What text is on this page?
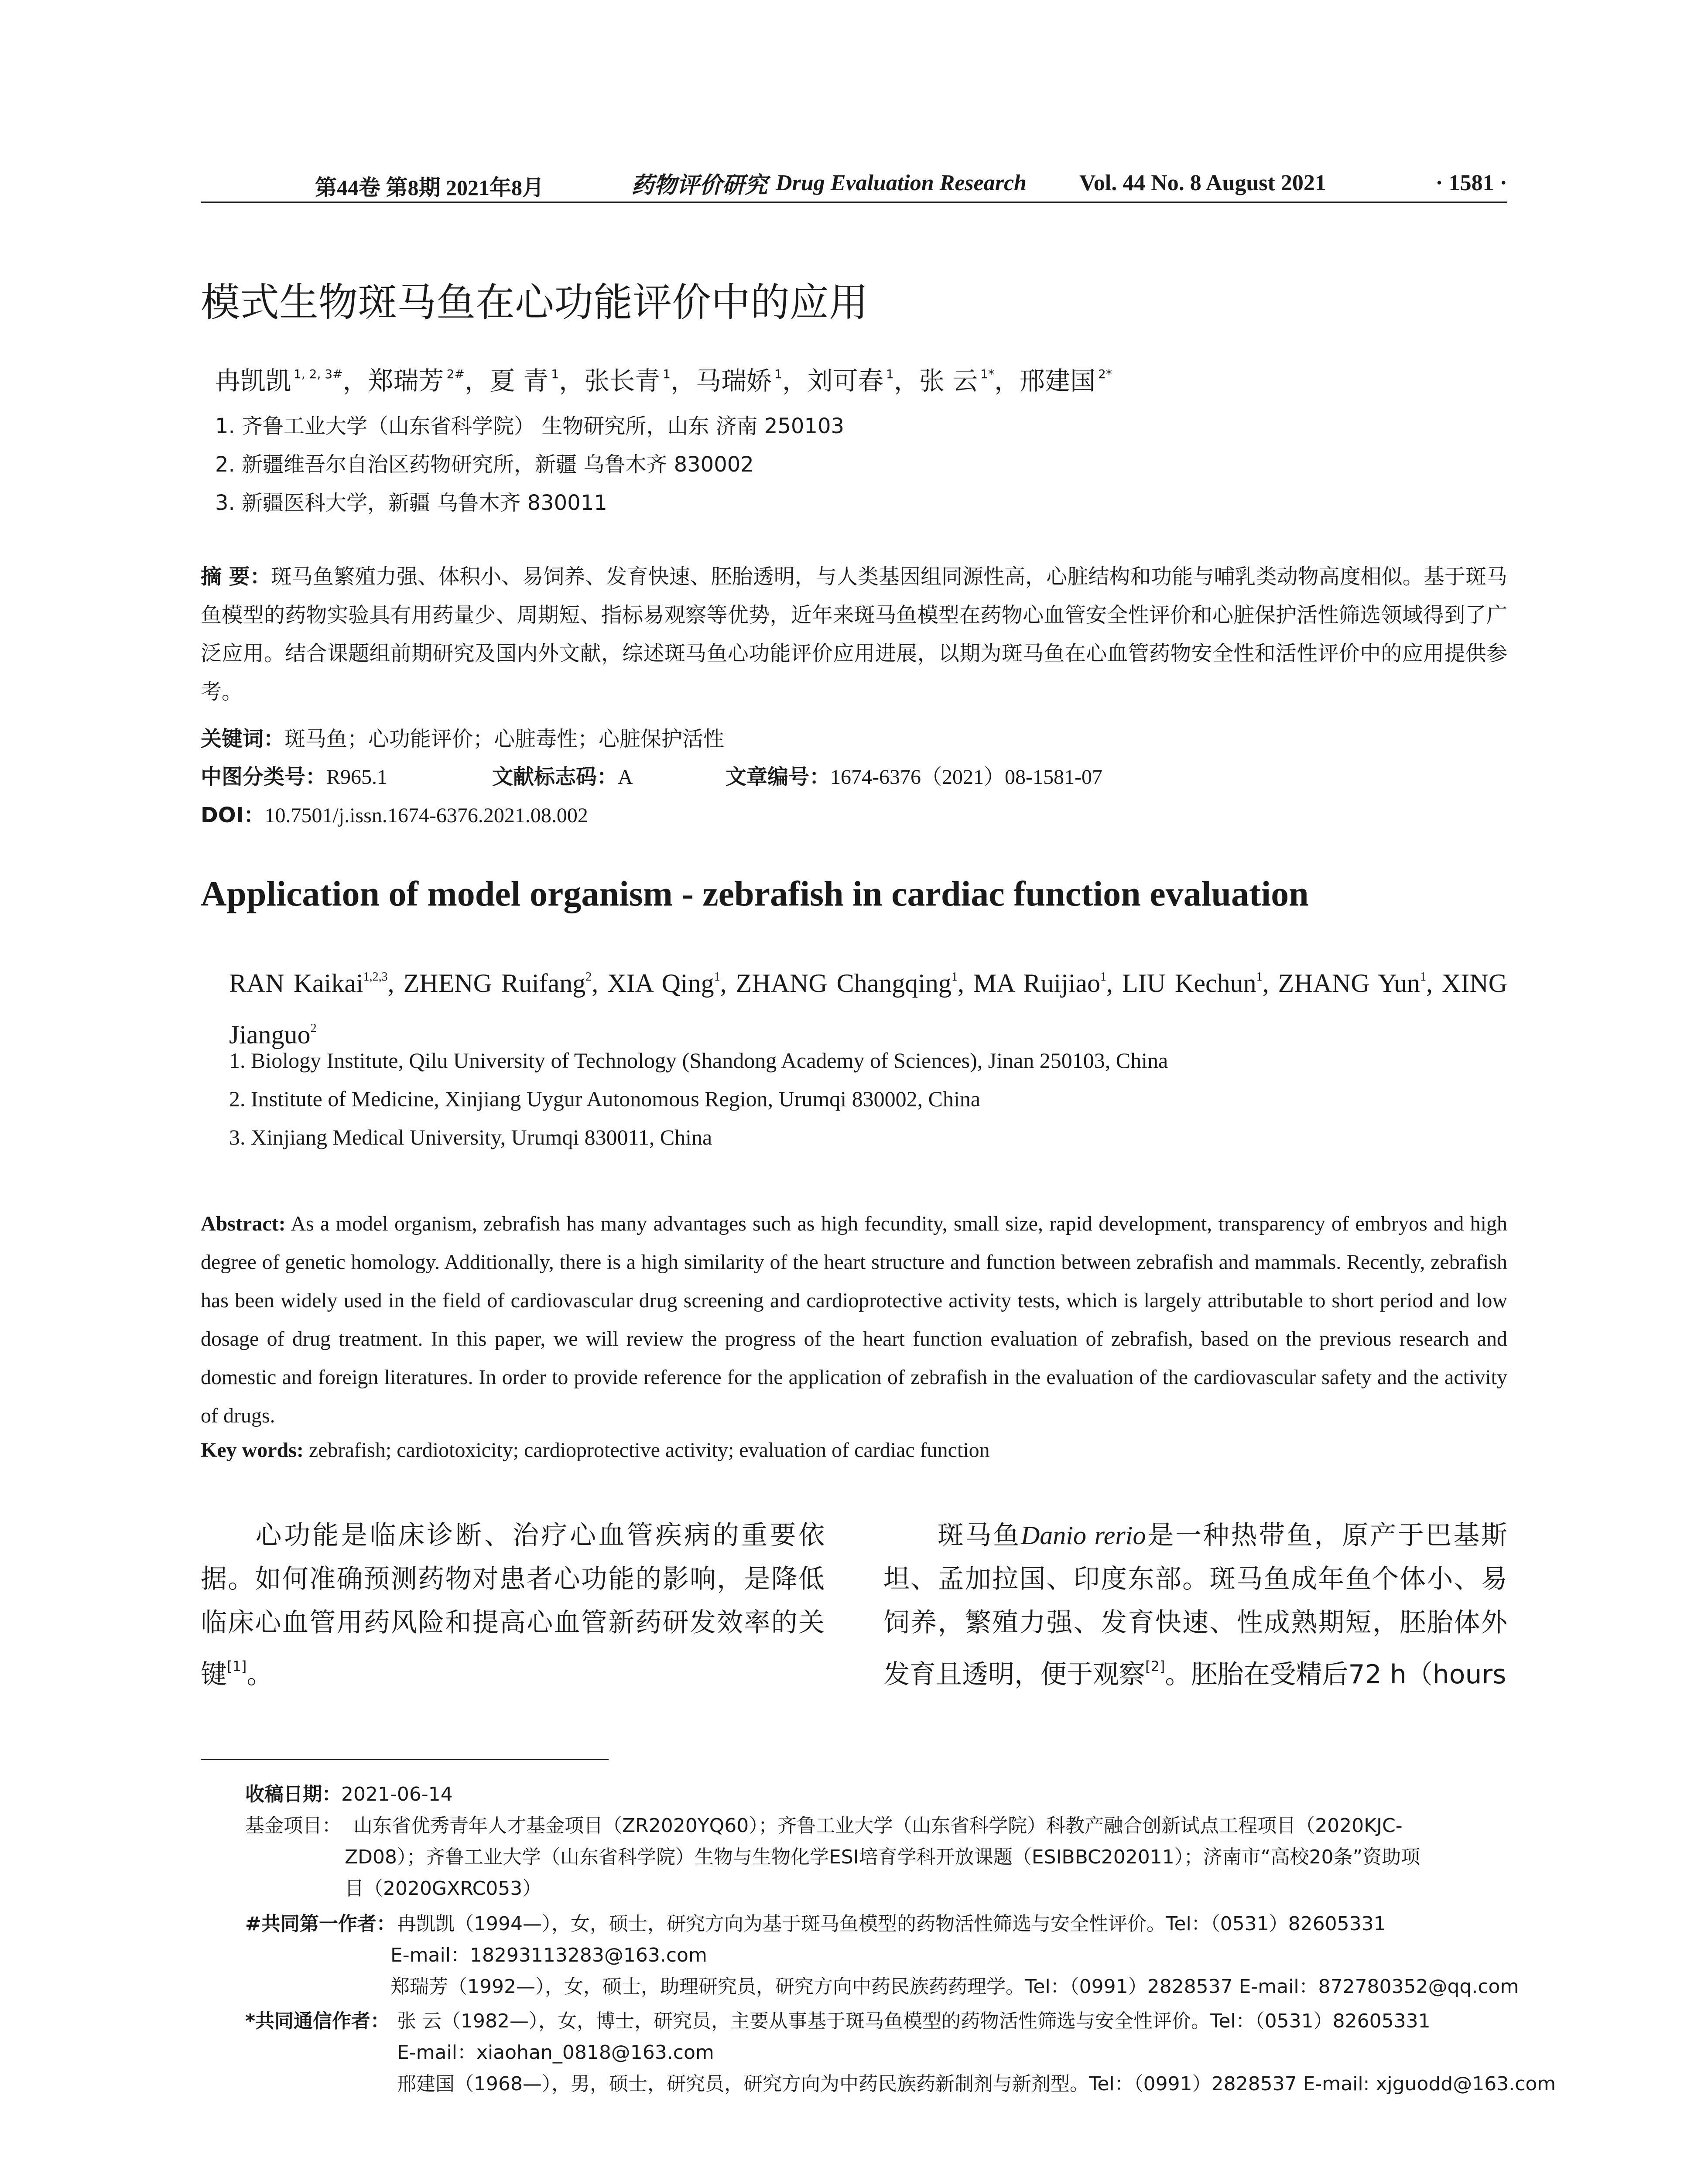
第44卷 第8期 2021年8月	药物评价研究 Drug Evaluation Research Vol. 44 No. 8 August 2021	· 1581 ·
模式生物斑马鱼在心功能评价中的应用
冉凯凯 $^{1, 2, 3\#}$，郑瑞芳 $^{2\#}$，夏 青 $^1$，张长青 $^1$，马瑞娇 $^1$，刘可春 $^1$，张 云 $^{1*}$，邢建国 $^{2*}$
1. 齐鲁工业大学（山东省科学院） 生物研究所，山东 济南 250103
2. 新疆维吾尔自治区药物研究所，新疆 乌鲁木齐 830002
3. 新疆医科大学，新疆 乌鲁木齐 830011
摘 要：斑马鱼繁殖力强、体积小、易饲养、发育快速、胚胎透明，与人类基因组同源性高，心脏结构和功能与哺乳类动物高度相似。基于斑马鱼模型的药物实验具有用药量少、周期短、指标易观察等优势，近年来斑马鱼模型在药物心血管安全性评价和心脏保护活性筛选领域得到了广泛应用。结合课题组前期研究及国内外文献，综述斑马鱼心功能评价应用进展，以期为斑马鱼在心血管药物安全性和活性评价中的应用提供参考。
关键词：斑马鱼；心功能评价；心脏毒性；心脏保护活性
中图分类号：R965.1	文献标志码：A	文章编号：1674-6376（2021）08-1581-07
DOI：10.7501/j.issn.1674-6376.2021.08.002
Application of model organism - zebrafish in cardiac function evaluation
RAN Kaikai$^{1,2,3}$, ZHENG Ruifang$^2$, XIA Qing$^1$, ZHANG Changqing$^1$, MA Ruijiao$^1$, LIU Kechun$^1$, ZHANG Yun$^1$, XING Jianguo$^2$
1. Biology Institute, Qilu University of Technology (Shandong Academy of Sciences), Jinan 250103, China
2. Institute of Medicine, Xinjiang Uygur Autonomous Region, Urumqi 830002, China
3. Xinjiang Medical University, Urumqi 830011, China
Abstract: As a model organism, zebrafish has many advantages such as high fecundity, small size, rapid development, transparency of embryos and high degree of genetic homology. Additionally, there is a high similarity of the heart structure and function between zebrafish and mammals. Recently, zebrafish has been widely used in the field of cardiovascular drug screening and cardioprotective activity tests, which is largely attributable to short period and low dosage of drug treatment. In this paper, we will review the progress of the heart function evaluation of zebrafish, based on the previous research and domestic and foreign literatures. In order to provide reference for the application of zebrafish in the evaluation of the cardiovascular safety and the activity of drugs.
Key words: zebrafish; cardiotoxicity; cardioprotective activity; evaluation of cardiac function
心功能是临床诊断、治疗心血管疾病的重要依据。如何准确预测药物对患者心功能的影响，是降低临床心血管用药风险和提高心血管新药研发效率的关键[1]。
斑马鱼Danio rerio是一种热带鱼，原产于巴基斯坦、孟加拉国、印度东部。斑马鱼成年鱼个体小、易饲养，繁殖力强、发育快速、性成熟期短，胚胎体外发育且透明，便于观察[2]。胚胎在受精后72 h（hours
收稿日期：2021-06-14
基金项目： 山东省优秀青年人才基金项目（ZR2020YQ60）；齐鲁工业大学（山东省科学院）科教产融合创新试点工程项目（2020KJC-
ZD08）；齐鲁工业大学（山东省科学院）生物与生物化学ESI培育学科开放课题（ESIBBC202011）；济南市“高校20条”资助项
目（2020GXRC053）
#共同第一作者： 冉凯凯（1994—），女，硕士，研究方向为基于斑马鱼模型的药物活性筛选与安全性评价。Tel：（0531）82605331
E-mail：18293113283@163.com
郑瑞芳（1992—），女，硕士，助理研究员，研究方向中药民族药药理学。Tel：（0991）2828537 E-mail：872780352@qq.com
*共同通信作者： 张 云（1982—），女，博士，研究员，主要从事基于斑马鱼模型的药物活性筛选与安全性评价。Tel：（0531）82605331
E-mail：xiaohan_0818@163.com
邢建国（1968—），男，硕士，研究员，研究方向为中药民族药新制剂与新剂型。Tel：（0991）2828537 E-mail: xjguodd@163.com
